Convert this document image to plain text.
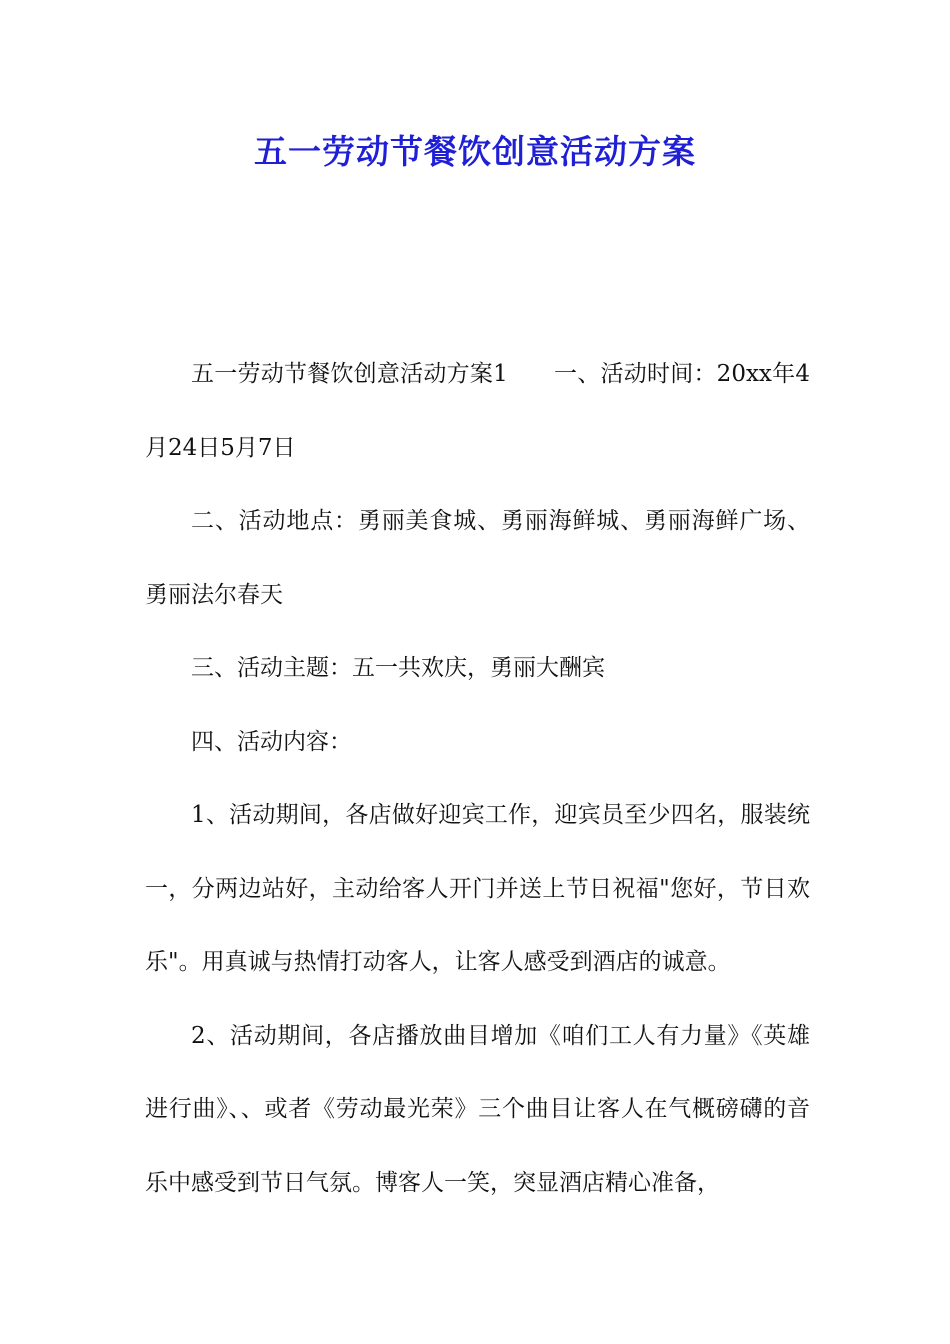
五一劳动节餐饮创意活动方案

五一劳动节餐饮创意活动方案1 一、活动时间：20xx年4月24日5月7日

二、活动地点：勇丽美食城、勇丽海鲜城、勇丽海鲜广场、勇丽法尔春天

三、活动主题：五一共欢庆，勇丽大酬宾

四、活动内容：

1、活动期间，各店做好迎宾工作，迎宾员至少四名，服装统一，分两边站好，主动给客人开门并送上节日祝福"您好，节日欢乐"。用真诚与热情打动客人，让客人感受到酒店的诚意。

2、活动期间，各店播放曲目增加《咱们工人有力量》《英雄进行曲》、、或者《劳动最光荣》三个曲目让客人在气概磅礴的音乐中感受到节日气氛。博客人一笑，突显酒店精心准备，
